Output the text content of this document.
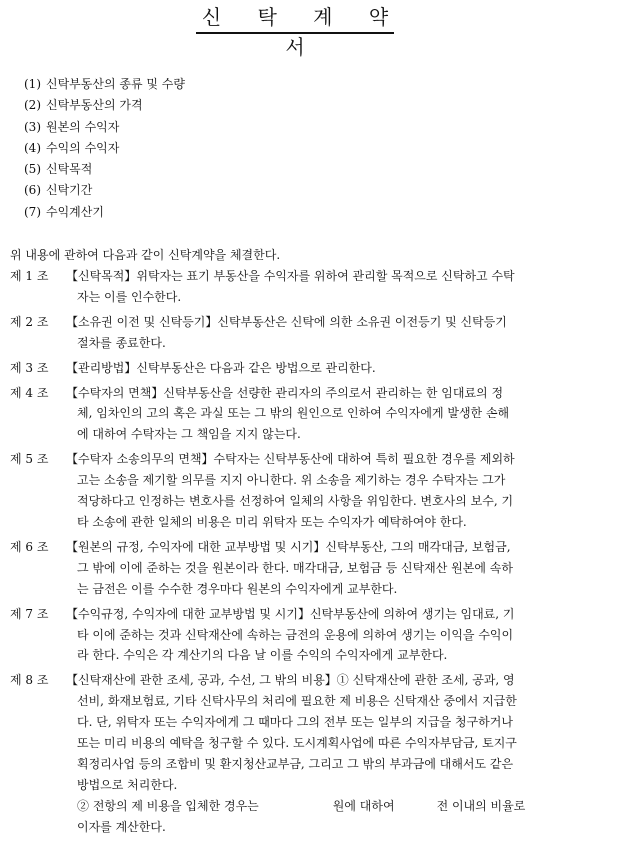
신 탁 계 약 서
(1) 신탁부동산의 종류 및 수량
(2) 신탁부동산의 가격
(3) 원본의 수익자
(4) 수익의 수익자
(5) 신탁목적
(6) 신탁기간
(7) 수익계산기
위 내용에 관하여 다음과 같이 신탁계약을 체결한다.
제 1 조	【신탁목적】위탁자는 표기 부동산을 수익자를 위하여 관리할 목적으로 신탁하고 수탁
자는 이를 인수한다.
제 2 조	【소유권 이전 및 신탁등기】신탁부동산은 신탁에 의한 소유권 이전등기 및 신탁등기
절차를 종료한다.
제 3 조	【관리방법】신탁부동산은 다음과 같은 방법으로 관리한다.
제 4 조	【수탁자의 면책】신탁부동산을 선량한 관리자의 주의로서 관리하는 한 임대료의 정
체, 임차인의 고의 혹은 과실 또는 그 밖의 원인으로 인하여 수익자에게 발생한 손해
에 대하여 수탁자는 그 책임을 지지 않는다.
제 5 조	【수탁자 소송의무의 면책】수탁자는 신탁부동산에 대하여 특히 필요한 경우를 제외하
고는 소송을 제기할 의무를 지지 아니한다. 위 소송을 제기하는 경우 수탁자는 그가
적당하다고 인정하는 변호사를 선정하여 일체의 사항을 위임한다. 변호사의 보수, 기
타 소송에 관한 일체의 비용은 미리 위탁자 또는 수익자가 예탁하여야 한다.
제 6 조	【원본의 규정, 수익자에 대한 교부방법 및 시기】신탁부동산, 그의 매각대금, 보험금,
그 밖에 이에 준하는 것을 원본이라 한다. 매각대금, 보험금 등 신탁재산 원본에 속하
는 금전은 이를 수수한 경우마다 원본의 수익자에게 교부한다.
제 7 조	【수익규정, 수익자에 대한 교부방법 및 시기】신탁부동산에 의하여 생기는 임대료, 기
타 이에 준하는 것과 신탁재산에 속하는 금전의 운용에 의하여 생기는 이익을 수익이
라 한다. 수익은 각 계산기의 다음 날 이를 수익의 수익자에게 교부한다.
제 8 조	【신탁재산에 관한 조세, 공과, 수선, 그 밖의 비용】① 신탁재산에 관한 조세, 공과, 영
선비, 화재보험료, 기타 신탁사무의 처리에 필요한 제 비용은 신탁재산 중에서 지급한
다. 단, 위탁자 또는 수익자에게 그 때마다 그의 전부 또는 일부의 지급을 청구하거나
또는 미리 비용의 예탁을 청구할 수 있다. 도시계획사업에 따른 수익자부담금, 토지구
획정리사업 등의 조합비 및 환지청산교부금, 그리고 그 밖의 부과금에 대해서도 같은
방법으로 처리한다.
② 전항의 제 비용을 입체한 경우는	원에 대하여	전 이내의 비율로
이자를 계산한다.
